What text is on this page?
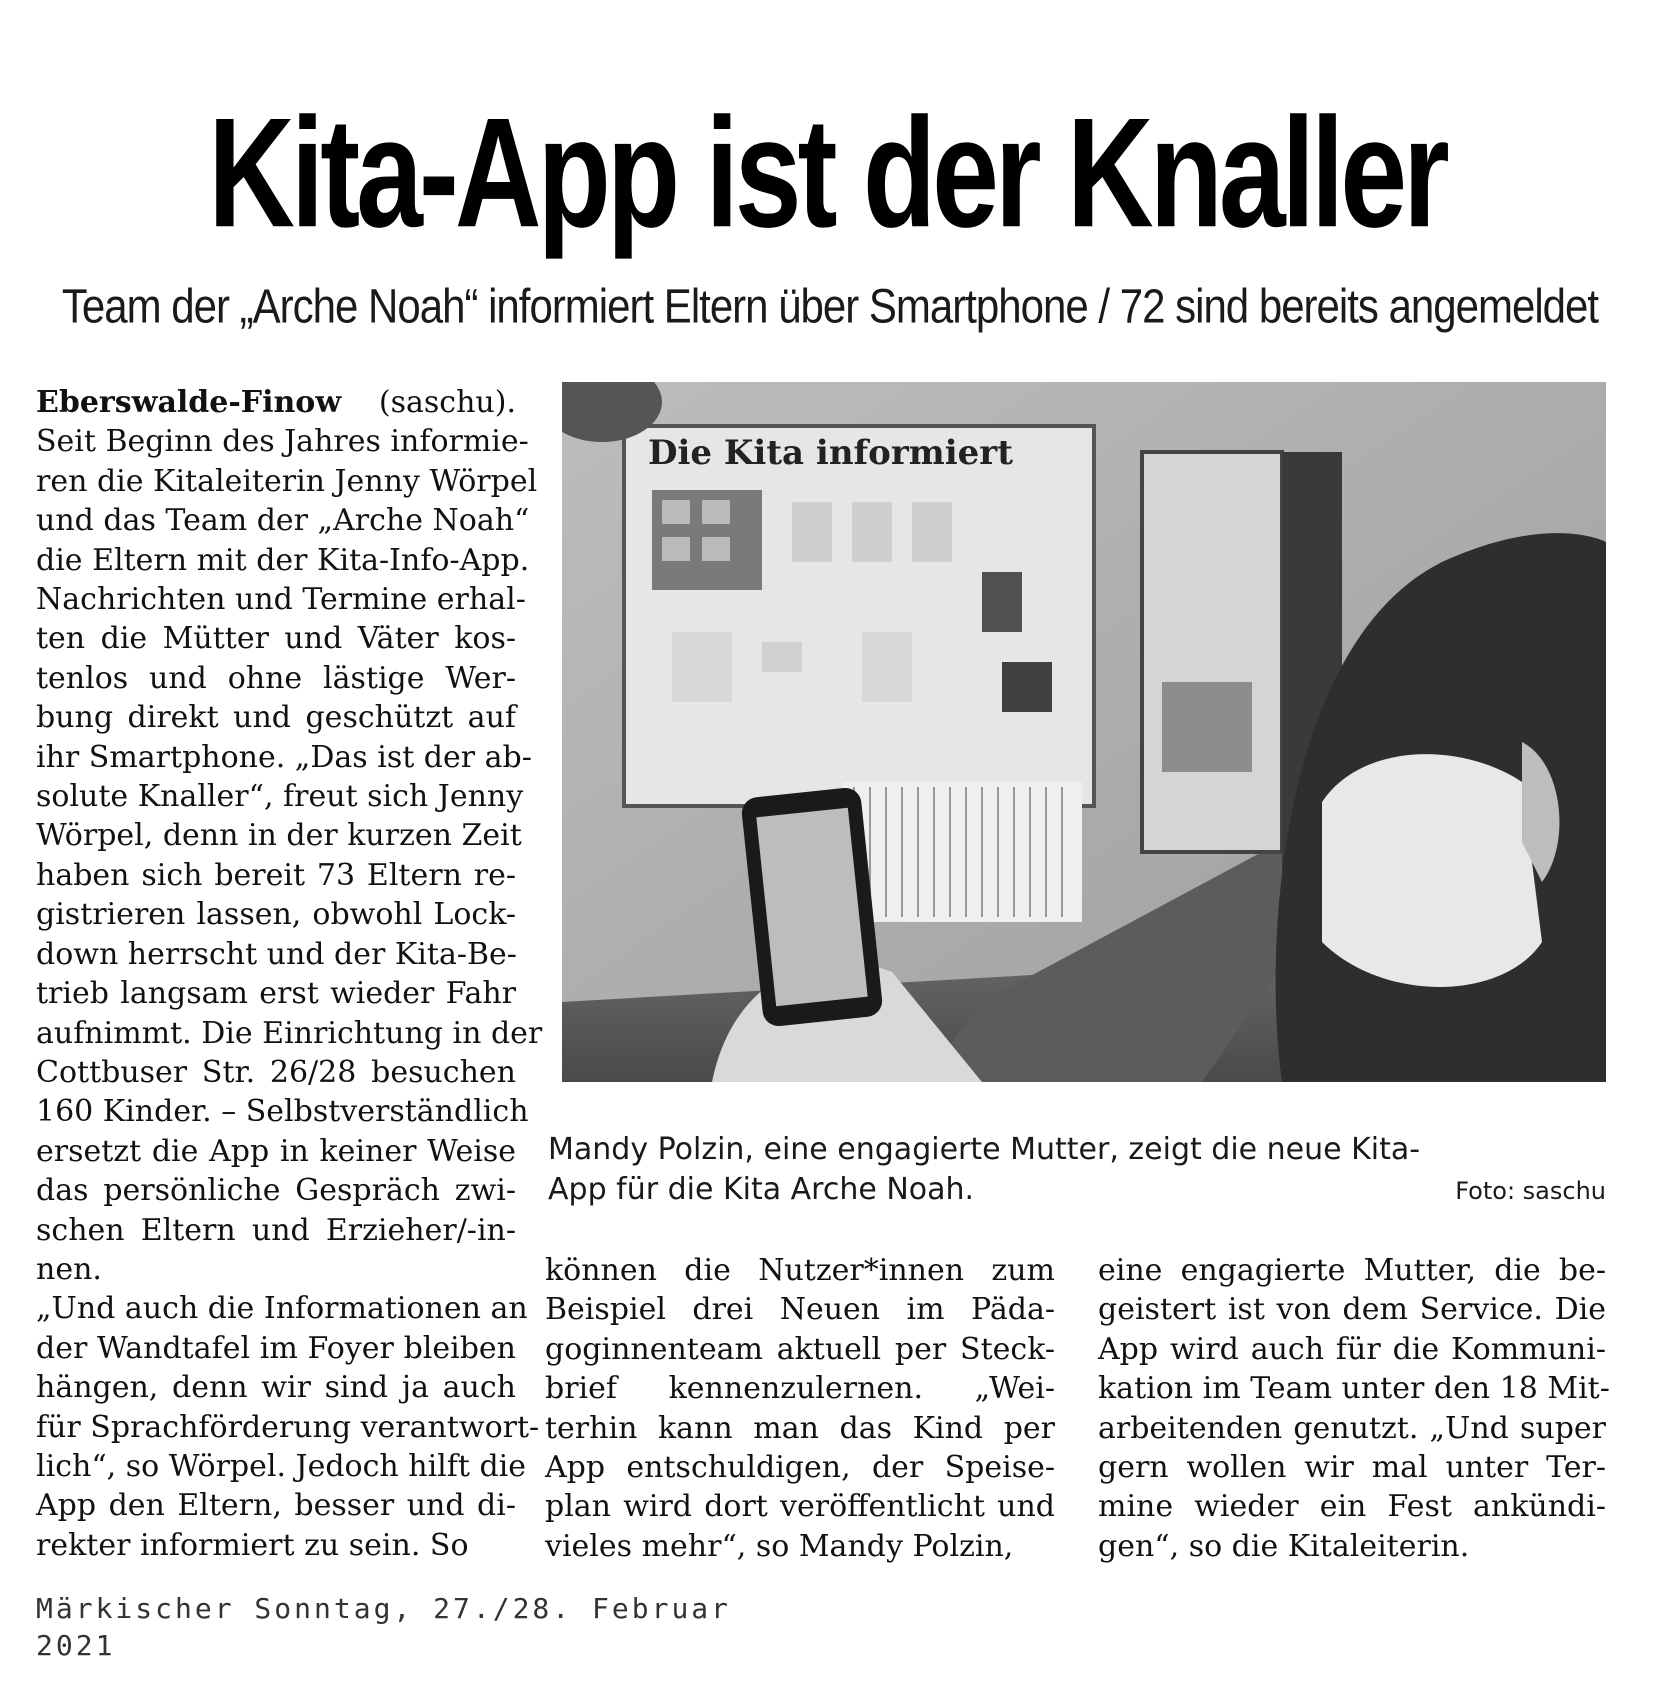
Kita-App ist der Knaller
Team der „Arche Noah“ informiert Eltern über Smartphone / 72 sind bereits angemeldet
Eberswalde-Finow (saschu).
Seit Beginn des Jahres informie-
ren die Kitaleiterin Jenny Wörpel
und das Team der „Arche Noah“
die Eltern mit der Kita-Info-App.
Nachrichten und Termine erhal-
ten die Mütter und Väter kos-
tenlos und ohne lästige Wer-
bung direkt und geschützt auf
ihr Smartphone. „Das ist der ab-
solute Knaller“, freut sich Jenny
Wörpel, denn in der kurzen Zeit
haben sich bereit 73 Eltern re-
gistrieren lassen, obwohl Lock-
down herrscht und der Kita-Be-
trieb langsam erst wieder Fahr
aufnimmt. Die Einrichtung in der
Cottbuser Str. 26/28 besuchen
160 Kinder. – Selbstverständlich
ersetzt die App in keiner Weise
das persönliche Gespräch zwi-
schen Eltern und Erzieher/-in-
nen.
„Und auch die Informationen an
der Wandtafel im Foyer bleiben
hängen, denn wir sind ja auch
für Sprachförderung verantwort-
lich“, so Wörpel. Jedoch hilft die
App den Eltern, besser und di-
rekter informiert zu sein. So
Die Kita informiert
Mandy Polzin, eine engagierte Mutter, zeigt die neue Kita-
App für die Kita Arche Noah.	Foto: saschu
können die Nutzer*innen zum
Beispiel drei Neuen im Päda-
goginnenteam aktuell per Steck-
brief kennenzulernen. „Wei-
terhin kann man das Kind per
App entschuldigen, der Speise-
plan wird dort veröffentlicht und
vieles mehr“, so Mandy Polzin,
eine engagierte Mutter, die be-
geistert ist von dem Service. Die
App wird auch für die Kommuni-
kation im Team unter den 18 Mit-
arbeitenden genutzt. „Und super
gern wollen wir mal unter Ter-
mine wieder ein Fest ankündi-
gen“, so die Kitaleiterin.
Märkischer Sonntag, 27./28. Februar
2021
